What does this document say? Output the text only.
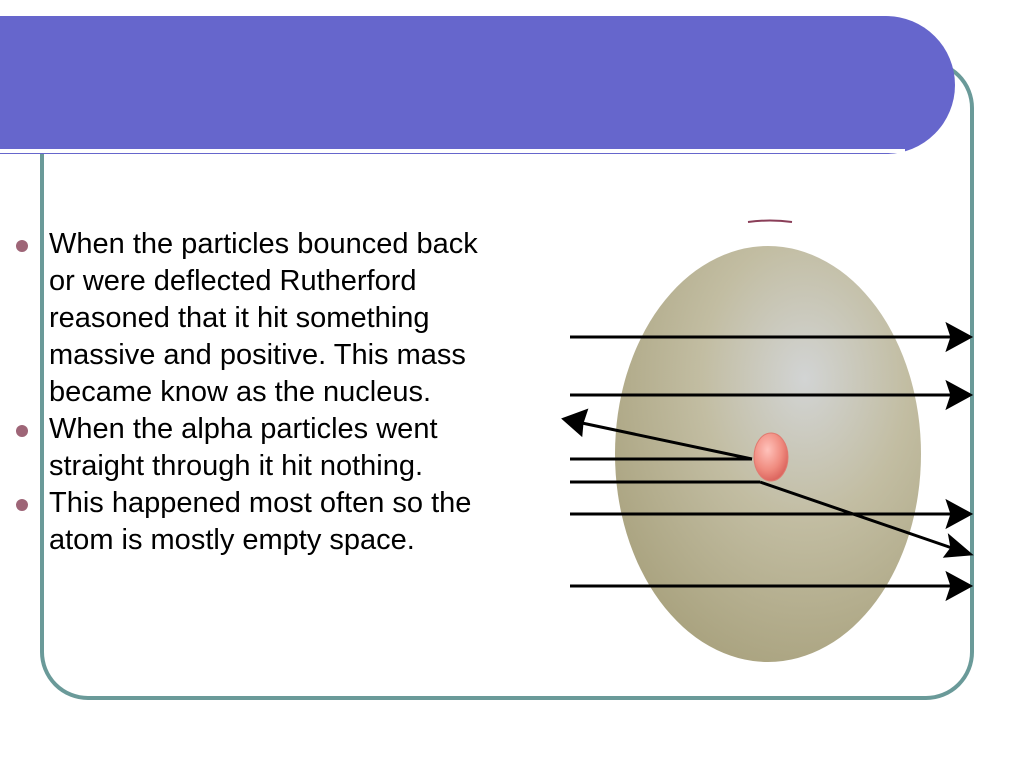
When the particles bounced back or were deflected Rutherford reasoned that it hit something massive and positive. This mass became know as the nucleus.
When the alpha particles went straight through it hit nothing.
This happened most often so the atom is mostly empty space.
